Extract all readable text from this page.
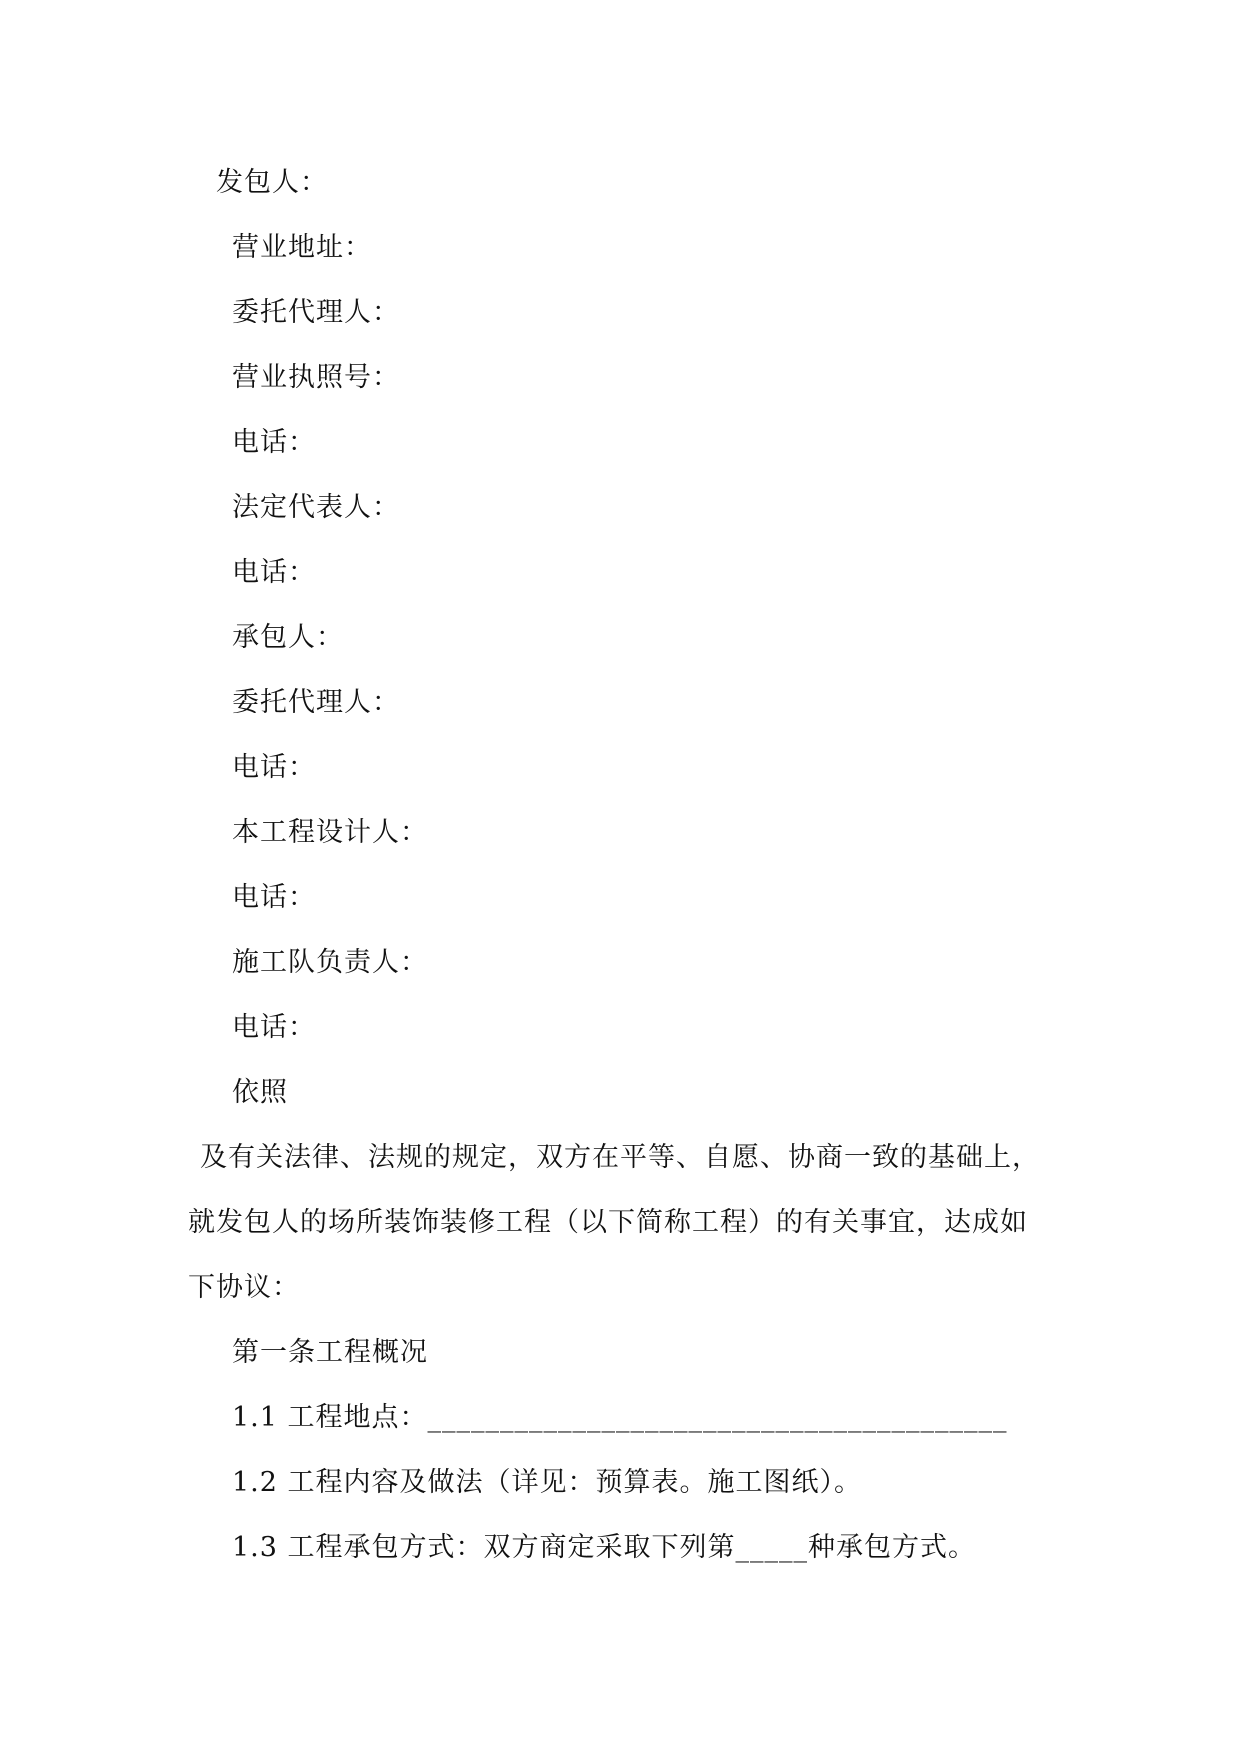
发包人：
营业地址：
委托代理人：
营业执照号：
电话：
法定代表人：
电话：
承包人：
委托代理人：
电话：
本工程设计人：
电话：
施工队负责人：
电话：
依照
及有关法律、法规的规定，双方在平等、自愿、协商一致的基础上，
就发包人的场所装饰装修工程（以下简称工程）的有关事宜，达成如
下协议：
第一条工程概况
1.1 工程地点：________________________________________
1.2 工程内容及做法（详见：预算表。施工图纸）。
1.3 工程承包方式：双方商定采取下列第_____种承包方式。
